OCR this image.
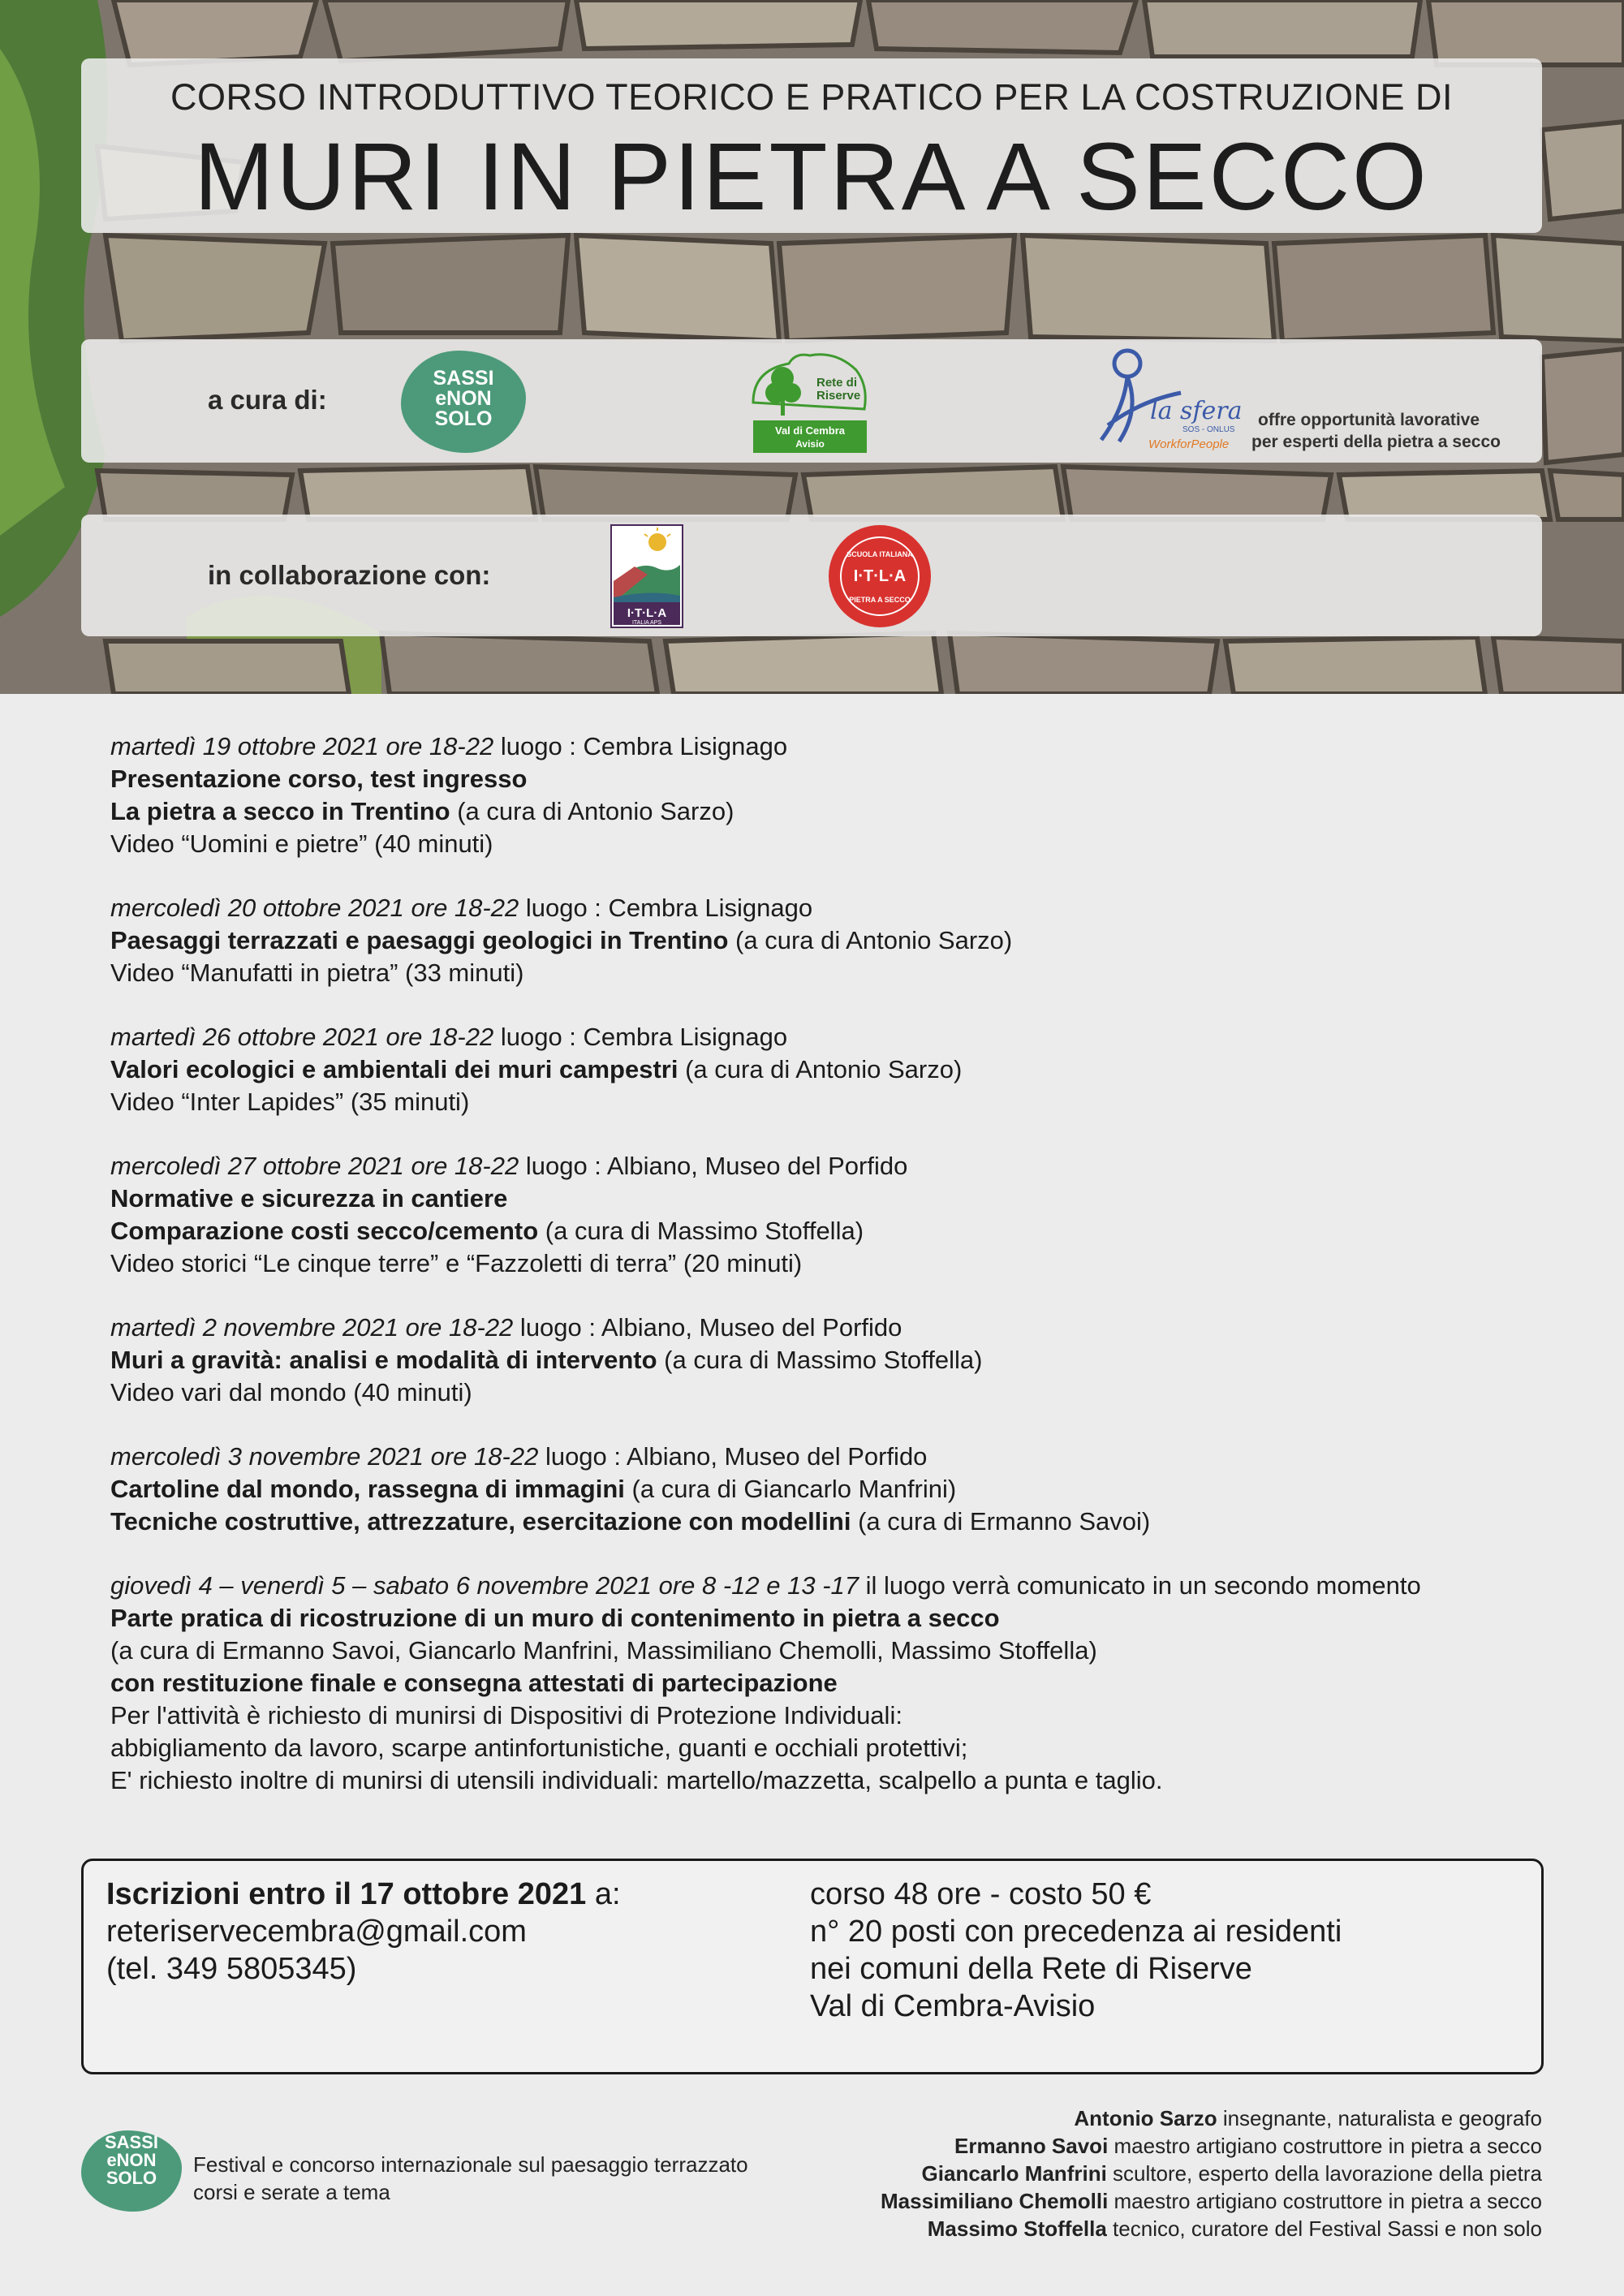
CORSO INTRODUTTIVO TEORICO E PRATICO PER LA COSTRUZIONE DI
MURI IN PIETRA A SECCO
a cura di:
SASSI
eNON
SOLO
Rete di
Riserve
Val di Cembra
Avisio
la sfera
SOS - ONLUS
WorkforPeople
offre opportunità lavorative
per esperti della pietra a secco
in collaborazione con:
I·T·L·A
ITALIA APS
SCUOLA ITALIANA
I·T·L·A
PIETRA A SECCO
martedì 19 ottobre 2021 ore 18-22 luogo : Cembra Lisignago
Presentazione corso, test ingresso
La pietra a secco in Trentino (a cura di Antonio Sarzo)
Video “Uomini e pietre” (40 minuti)
mercoledì 20 ottobre 2021 ore 18-22 luogo : Cembra Lisignago
Paesaggi terrazzati e paesaggi geologici in Trentino (a cura di Antonio Sarzo)
Video “Manufatti in pietra” (33 minuti)
martedì 26 ottobre 2021 ore 18-22 luogo : Cembra Lisignago
Valori ecologici e ambientali dei muri campestri (a cura di Antonio Sarzo)
Video “Inter Lapides” (35 minuti)
mercoledì 27 ottobre 2021 ore 18-22 luogo : Albiano, Museo del Porfido
Normative e sicurezza in cantiere
Comparazione costi secco/cemento (a cura di Massimo Stoffella)
Video storici “Le cinque terre” e “Fazzoletti di terra” (20 minuti)
martedì 2 novembre 2021 ore 18-22 luogo : Albiano, Museo del Porfido
Muri a gravità: analisi e modalità di intervento (a cura di Massimo Stoffella)
Video vari dal mondo (40 minuti)
mercoledì 3 novembre 2021 ore 18-22 luogo : Albiano, Museo del Porfido
Cartoline dal mondo, rassegna di immagini (a cura di Giancarlo Manfrini)
Tecniche costruttive, attrezzature, esercitazione con modellini (a cura di Ermanno Savoi)
giovedì 4 – venerdì 5 – sabato 6 novembre 2021 ore 8 -12 e 13 -17 il luogo verrà comunicato in un secondo momento
Parte pratica di ricostruzione di un muro di contenimento in pietra a secco
(a cura di Ermanno Savoi, Giancarlo Manfrini, Massimiliano Chemolli, Massimo Stoffella)
con restituzione finale e consegna attestati di partecipazione
Per l'attività è richiesto di munirsi di Dispositivi di Protezione Individuali:
abbigliamento da lavoro, scarpe antinfortunistiche, guanti e occhiali protettivi;
E' richiesto inoltre di munirsi di utensili individuali: martello/mazzetta, scalpello a punta e taglio.
Iscrizioni entro il 17 ottobre 2021 a:
reteriservecembra@gmail.com
(tel. 349 5805345)
corso 48 ore - costo 50 €
n° 20 posti con precedenza ai residenti
nei comuni della Rete di Riserve
Val di Cembra-Avisio
SASSI
eNON
SOLO
Festival e concorso internazionale sul paesaggio terrazzato
corsi e serate a tema
Antonio Sarzo insegnante, naturalista e geografo
Ermanno Savoi maestro artigiano costruttore in pietra a secco
Giancarlo Manfrini scultore, esperto della lavorazione della pietra
Massimiliano Chemolli maestro artigiano costruttore in pietra a secco
Massimo Stoffella tecnico, curatore del Festival Sassi e non solo
